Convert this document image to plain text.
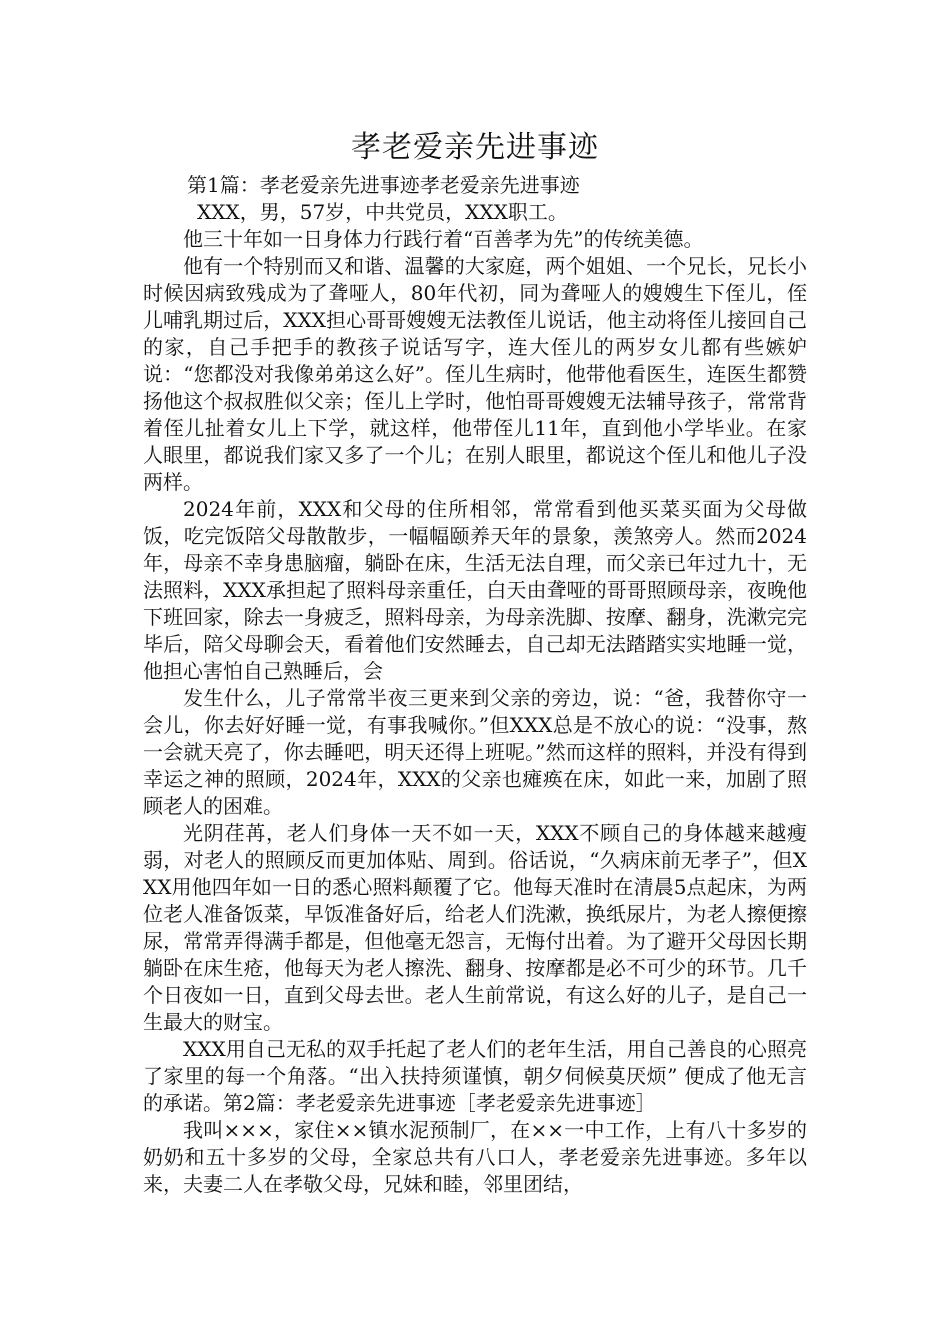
孝老爱亲先进事迹

第1篇：孝老爱亲先进事迹孝老爱亲先进事迹

XXX，男，57岁，中共党员，XXX职工。

他三十年如一日身体力行践行着“百善孝为先”的传统美德。

他有一个特别而又和谐、温馨的大家庭，两个姐姐、一个兄长，兄长小时候因病致残成为了聋哑人，80年代初，同为聋哑人的嫂嫂生下侄儿，侄儿哺乳期过后，XXX担心哥哥嫂嫂无法教侄儿说话，他主动将侄儿接回自己的家，自己手把手的教孩子说话写字，连大侄儿的两岁女儿都有些嫉妒说：“您都没对我像弟弟这么好”。侄儿生病时，他带他看医生，连医生都赞扬他这个叔叔胜似父亲；侄儿上学时，他怕哥哥嫂嫂无法辅导孩子，常常背着侄儿扯着女儿上下学，就这样，他带侄儿11年，直到他小学毕业。在家人眼里，都说我们家又多了一个儿；在别人眼里，都说这个侄儿和他儿子没两样。

2024年前，XXX和父母的住所相邻，常常看到他买菜买面为父母做饭，吃完饭陪父母散散步，一幅幅颐养天年的景象，羡煞旁人。然而2024年，母亲不幸身患脑瘤，躺卧在床，生活无法自理，而父亲已年过九十，无法照料，XXX承担起了照料母亲重任，白天由聋哑的哥哥照顾母亲，夜晚他下班回家，除去一身疲乏，照料母亲，为母亲洗脚、按摩、翻身，洗漱完完毕后，陪父母聊会天，看着他们安然睡去，自己却无法踏踏实实地睡一觉，他担心害怕自己熟睡后，会

发生什么，儿子常常半夜三更来到父亲的旁边，说：“爸，我替你守一会儿，你去好好睡一觉，有事我喊你。”但XXX总是不放心的说：“没事，熬一会就天亮了，你去睡吧，明天还得上班呢。”然而这样的照料，并没有得到幸运之神的照顾，2024年，XXX的父亲也瘫痪在床，如此一来，加剧了照顾老人的困难。

光阴荏苒，老人们身体一天不如一天，XXX不顾自己的身体越来越瘦弱，对老人的照顾反而更加体贴、周到。俗话说，“久病床前无孝子”，但XXX用他四年如一日的悉心照料颠覆了它。他每天准时在清晨5点起床，为两位老人准备饭菜，早饭准备好后，给老人们洗漱，换纸尿片，为老人擦便擦尿，常常弄得满手都是，但他毫无怨言，无悔付出着。为了避开父母因长期躺卧在床生疮，他每天为老人擦洗、翻身、按摩都是必不可少的环节。几千个日夜如一日，直到父母去世。老人生前常说，有这么好的儿子，是自己一生最大的财宝。

XXX用自己无私的双手托起了老人们的老年生活，用自己善良的心照亮了家里的每一个角落。“出入扶持须谨慎，朝夕伺候莫厌烦” 便成了他无言的承诺。第2篇：孝老爱亲先进事迹［孝老爱亲先进事迹］

我叫×××，家住××镇水泥预制厂，在××一中工作，上有八十多岁的奶奶和五十多岁的父母，全家总共有八口人，孝老爱亲先进事迹。多年以来，夫妻二人在孝敬父母，兄妹和睦，邻里团结，
